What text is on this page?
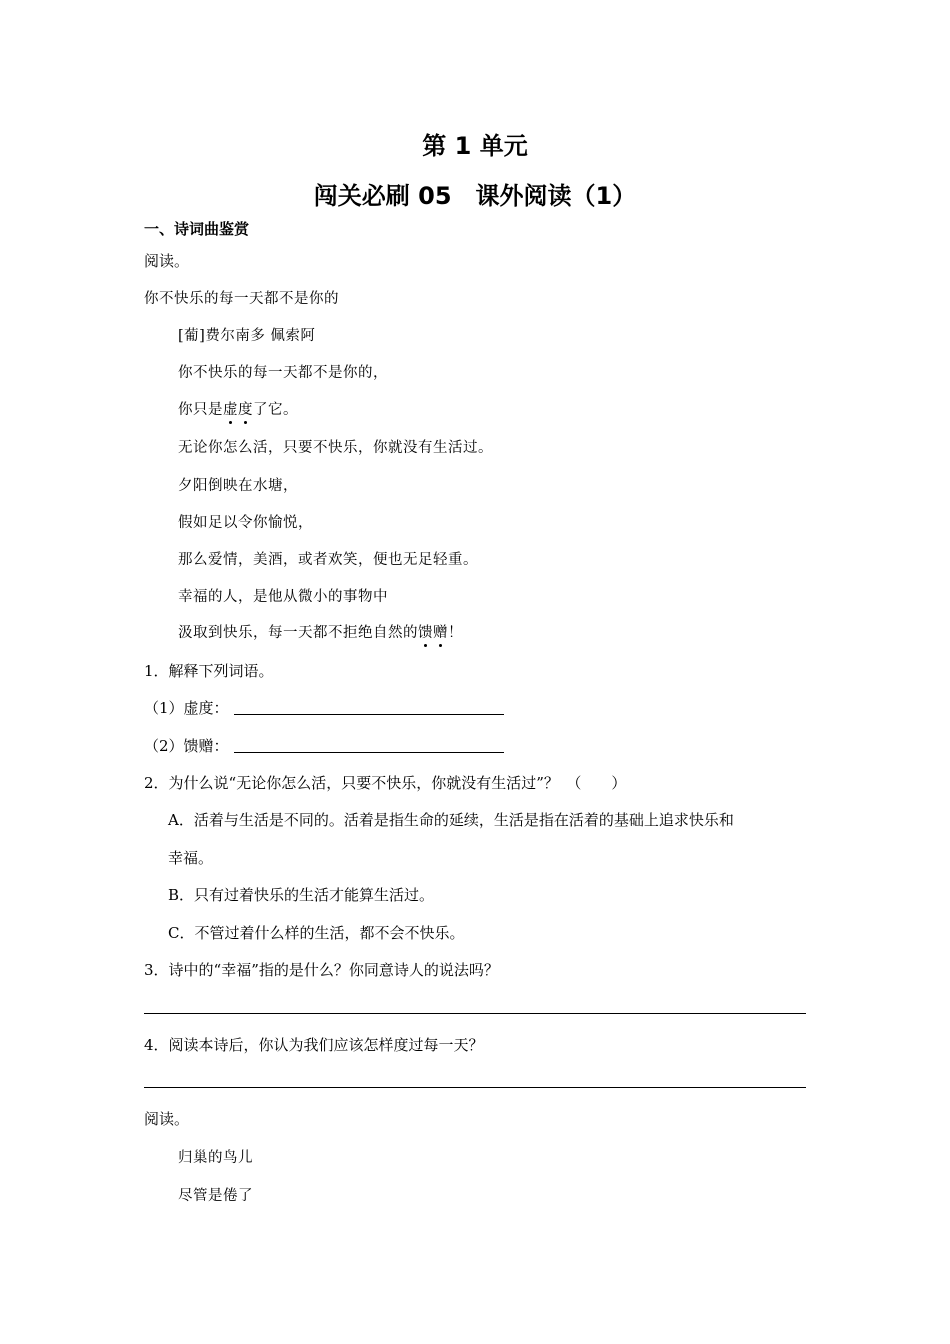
第 1 单元
闯关必刷 05　课外阅读（1）
一、诗词曲鉴赏
阅读。
你不快乐的每一天都不是你的
[葡]费尔南多 佩索阿
你不快乐的每一天都不是你的，
你只是虚度了它。
无论你怎么活，只要不快乐，你就没有生活过。
夕阳倒映在水塘，
假如足以令你愉悦，
那么爱情，美酒，或者欢笑，便也无足轻重。
幸福的人，是他从微小的事物中
汲取到快乐，每一天都不拒绝自然的馈赠！
1．解释下列词语。
（1）虚度：
（2）馈赠：
2．为什么说“无论你怎么活，只要不快乐，你就没有生活过”？　（　　）
A．活着与生活是不同的。活着是指生命的延续，生活是指在活着的基础上追求快乐和
幸福。
B．只有过着快乐的生活才能算生活过。
C．不管过着什么样的生活，都不会不快乐。
3．诗中的“幸福”指的是什么？你同意诗人的说法吗？
4．阅读本诗后，你认为我们应该怎样度过每一天？
阅读。
归巢的鸟儿
尽管是倦了
